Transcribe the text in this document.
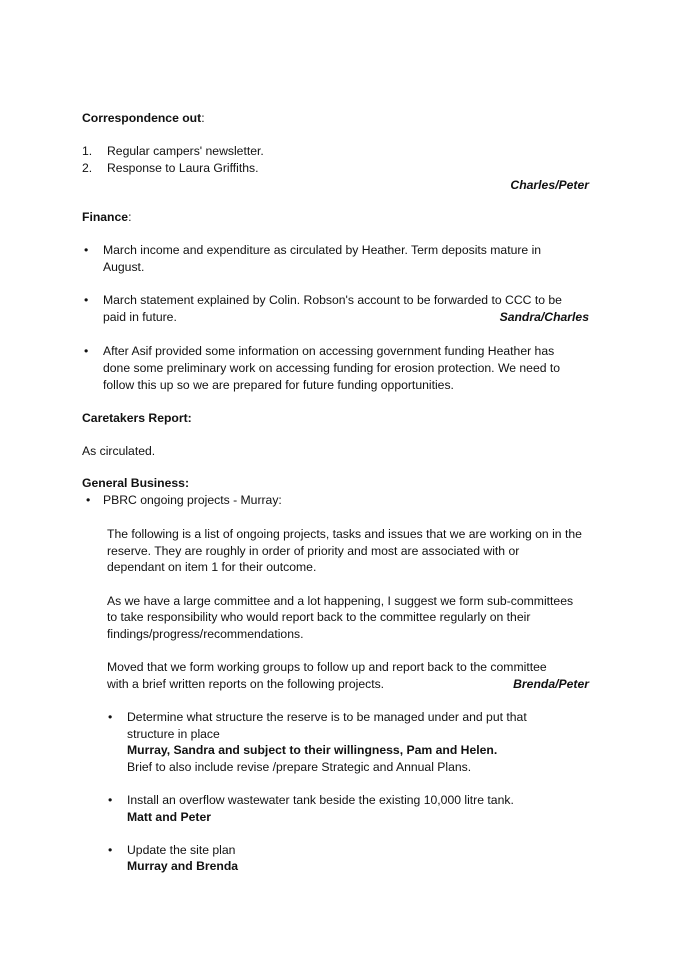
Correspondence out:
1. Regular campers' newsletter.
2. Response to Laura Griffiths.
Charles/Peter
Finance:
• March income and expenditure as circulated by Heather. Term deposits mature in
August.
• March statement explained by Colin. Robson's account to be forwarded to CCC to be
paid in future.	Sandra/Charles
• After Asif provided some information on accessing government funding Heather has
done some preliminary work on accessing funding for erosion protection. We need to
follow this up so we are prepared for future funding opportunities.
Caretakers Report:
As circulated.
General Business:
• PBRC ongoing projects - Murray:
The following is a list of ongoing projects, tasks and issues that we are working on in the
reserve. They are roughly in order of priority and most are associated with or
dependant on item 1 for their outcome.
As we have a large committee and a lot happening, I suggest we form sub-committees
to take responsibility who would report back to the committee regularly on their
findings/progress/recommendations.
Moved that we form working groups to follow up and report back to the committee
with a brief written reports on the following projects.	Brenda/Peter
• Determine what structure the reserve is to be managed under and put that
structure in place
Murray, Sandra and subject to their willingness, Pam and Helen.
Brief to also include revise /prepare Strategic and Annual Plans.
• Install an overflow wastewater tank beside the existing 10,000 litre tank.
Matt and Peter
• Update the site plan
Murray and Brenda
